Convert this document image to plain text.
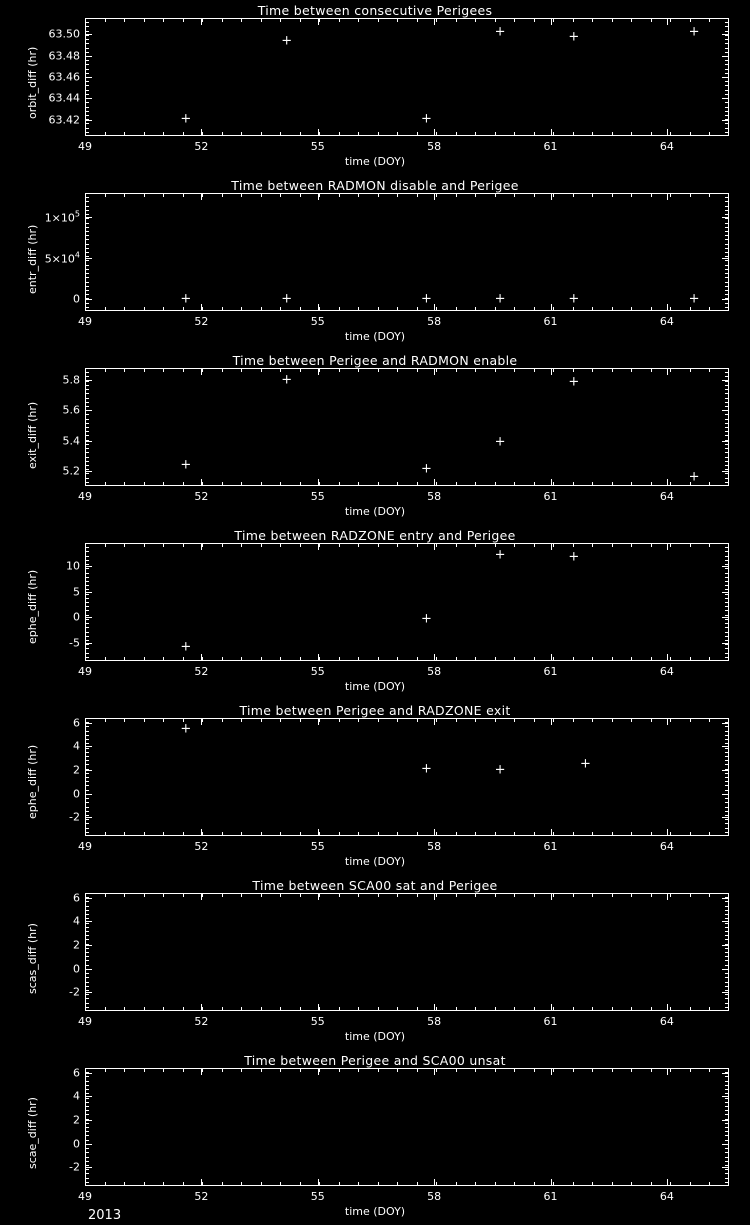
Time between consecutive Perigees
orbit_diff (hr)
63.42
63.44
63.46
63.48
63.50
49	52	55	58	61	64
time (DOY)
+
+
+
+	+	+
Time between RADMON disable and Perigee
entr_diff (hr)
0
$5\times 10^4$
$1\times 10^5$
49	52	55	58	61	64
time (DOY)
+	+	+	+	+	+
Time between Perigee and RADMON enable
exit_diff (hr)
5.2
5.4
5.6
5.8
49	52	55	58	61	64
time (DOY)
+
+
+
+
+
+
Time between RADZONE entry and Perigee
ephe_diff (hr)	-5
0
5
10
49	52	55	58	61	64
time (DOY)
+
+
+	+
Time between Perigee and RADZONE exit
ephe_diff (hr)	-2
0
2
4
6
49	52	55	58	61	64
time (DOY)
+
+	+	+
Time between SCA00 sat and Perigee
scas_diff (hr)	-2
0
2
4
6
49	52	55	58	61	64
time (DOY)
Time between Perigee and SCA00 unsat
scae_diff (hr)	-2
0
2
4
6
49	52	55	58	61	64
time (DOY)
2013
